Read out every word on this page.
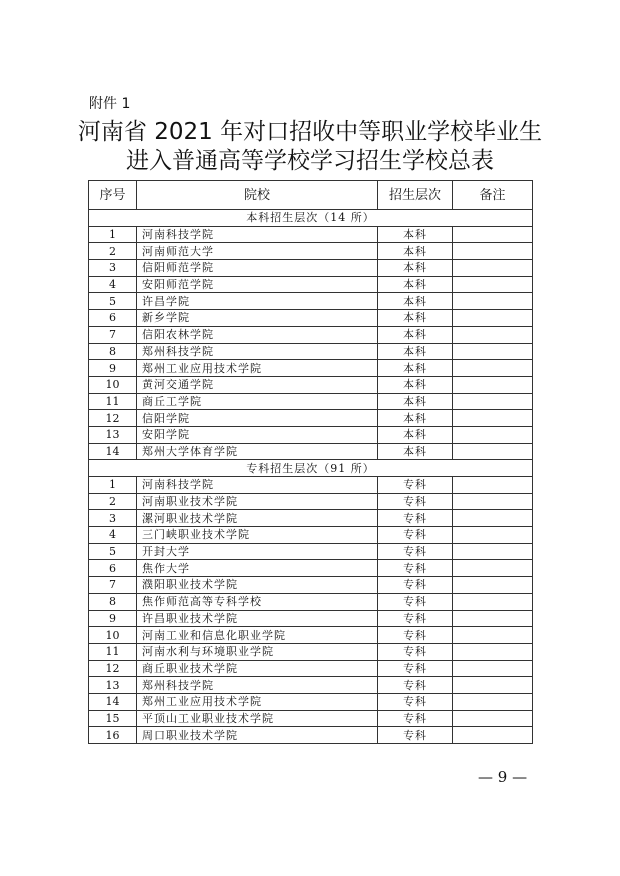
附件 1
河南省 2021 年对口招收中等职业学校毕业生
进入普通高等学校学习招生学校总表
序号	院校	招生层次	备注
本科招生层次（14 所）			
1	河南科技学院	本科	
2	河南师范大学	本科	
3	信阳师范学院	本科	
4	安阳师范学院	本科	
5	许昌学院	本科	
6	新乡学院	本科	
7	信阳农林学院	本科	
8	郑州科技学院	本科	
9	郑州工业应用技术学院	本科	
10	黄河交通学院	本科	
11	商丘工学院	本科	
12	信阳学院	本科	
13	安阳学院	本科	
14	郑州大学体育学院	本科	
专科招生层次（91 所）			
1	河南科技学院	专科	
2	河南职业技术学院	专科	
3	漯河职业技术学院	专科	
4	三门峡职业技术学院	专科	
5	开封大学	专科	
6	焦作大学	专科	
7	濮阳职业技术学院	专科	
8	焦作师范高等专科学校	专科	
9	许昌职业技术学院	专科	
10	河南工业和信息化职业学院	专科	
11	河南水利与环境职业学院	专科	
12	商丘职业技术学院	专科	
13	郑州科技学院	专科	
14	郑州工业应用技术学院	专科	
15	平顶山工业职业技术学院	专科	
16	周口职业技术学院	专科	
— 9 —
